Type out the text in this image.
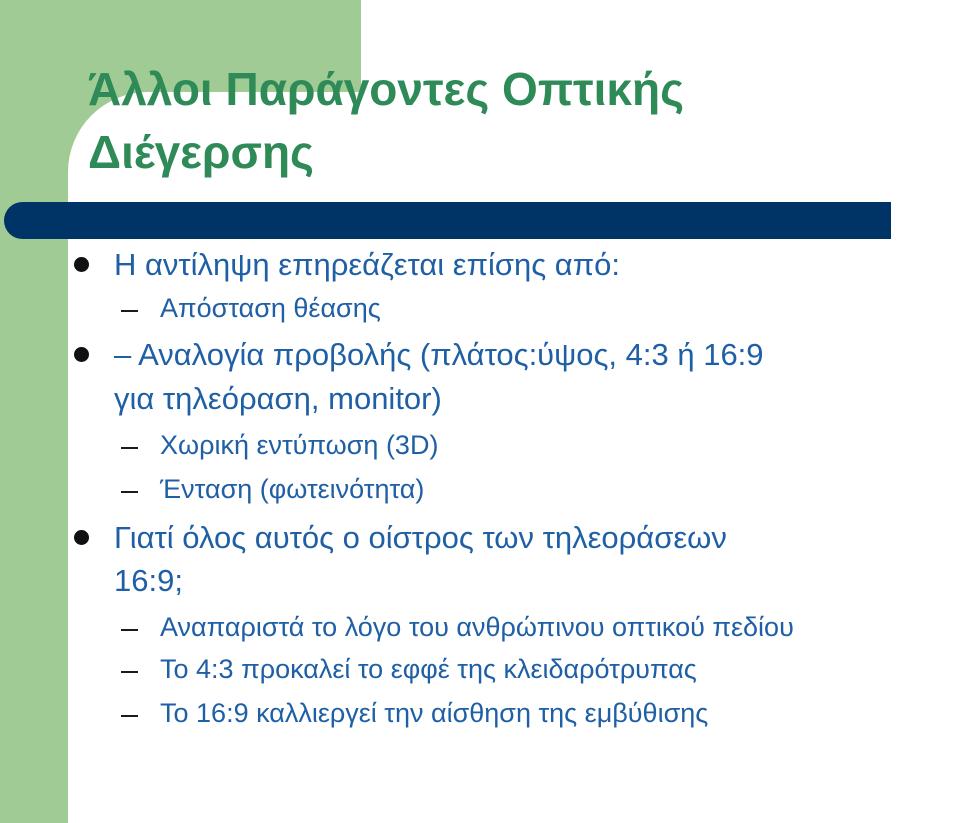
Άλλοι Παράγοντες Οπτικής
Διέγερσης

Η αντίληψη επηρεάζεται επίσης από:

Απόσταση θέασης

– Αναλογία προβολής (πλάτος:ύψος, 4:3 ή 16:9

για τηλεόραση, monitor)

Χωρική εντύπωση (3D)

Ένταση (φωτεινότητα)

Γιατί όλος αυτός ο οίστρος των τηλεοράσεων

16:9;

Αναπαριστά το λόγο του ανθρώπινου οπτικού πεδίου

Το 4:3 προκαλεί το εφφέ της κλειδαρότρυπας

Το 16:9 καλλιεργεί την αίσθηση της εμβύθισης
